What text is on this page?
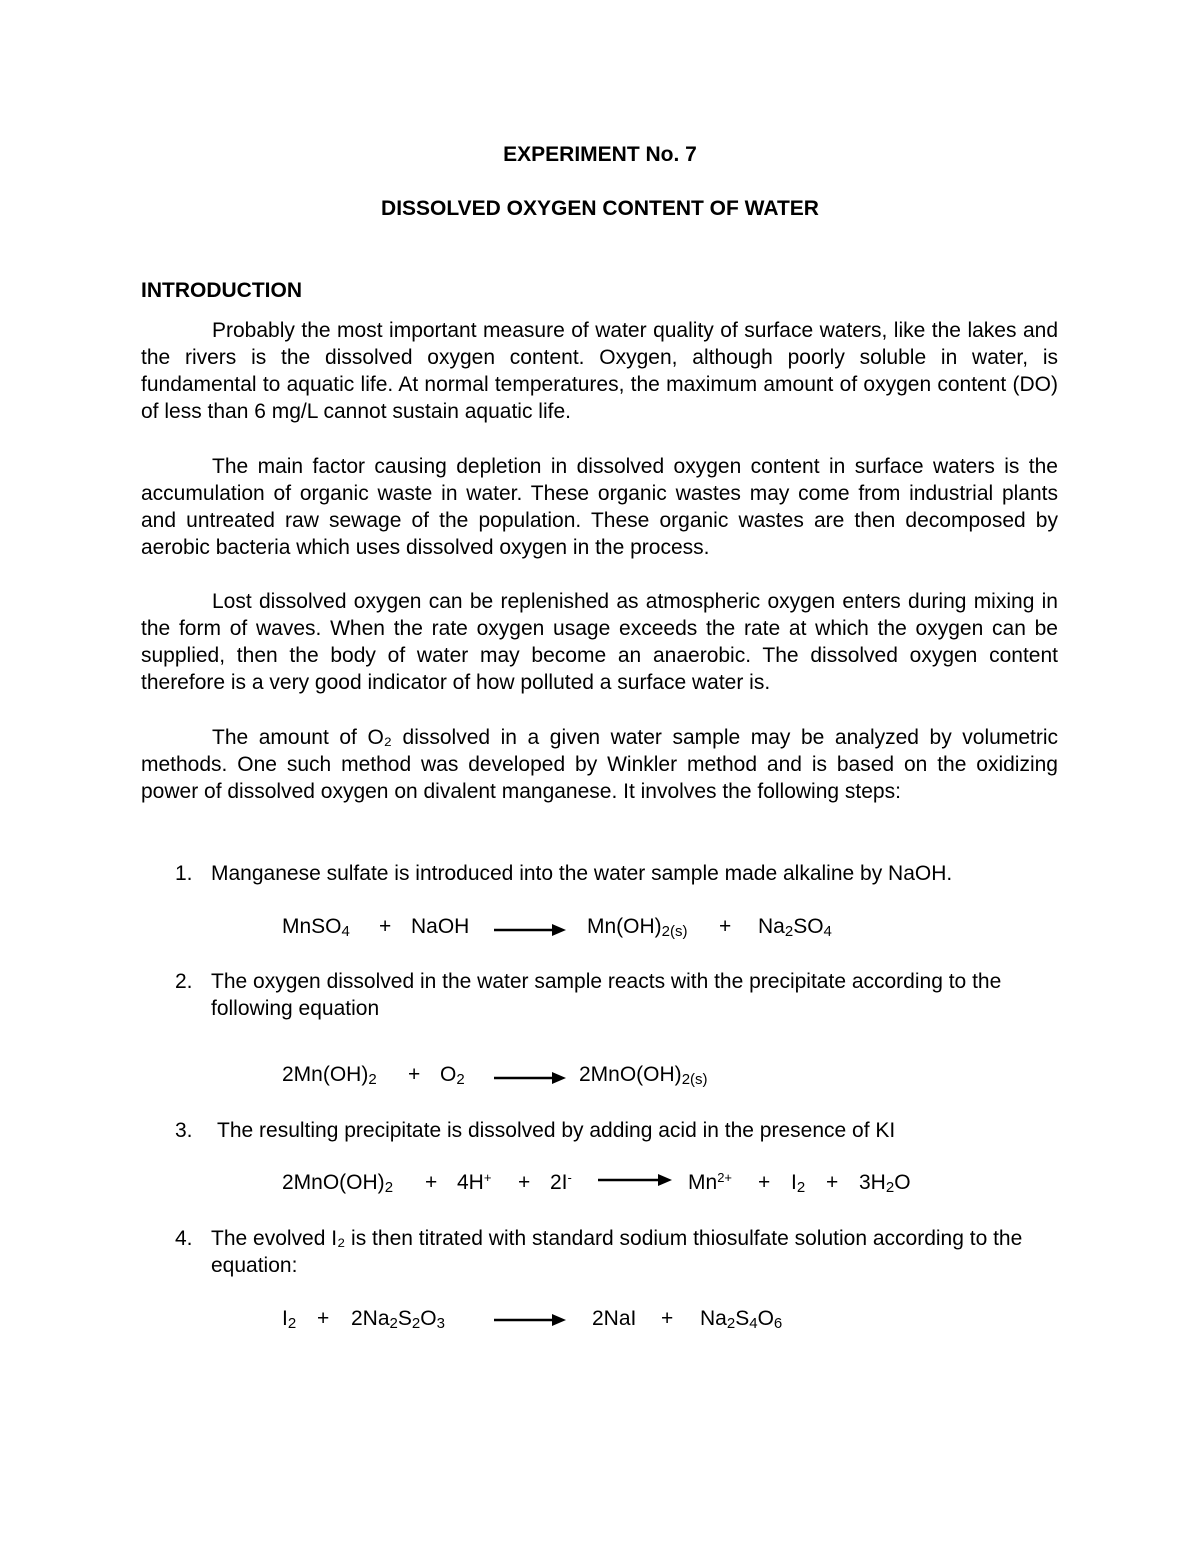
EXPERIMENT No. 7
DISSOLVED OXYGEN CONTENT OF WATER
INTRODUCTION

Probably the most important measure of water quality of surface waters, like the lakes and the rivers is the dissolved oxygen content. Oxygen, although poorly soluble in water, is fundamental to aquatic life. At normal temperatures, the maximum amount of oxygen content (DO) of less than 6 mg/L cannot sustain aquatic life.

The main factor causing depletion in dissolved oxygen content in surface waters is the accumulation of organic waste in water. These organic wastes may come from industrial plants and untreated raw sewage of the population. These organic wastes are then decomposed by aerobic bacteria which uses dissolved oxygen in the process.

Lost dissolved oxygen can be replenished as atmospheric oxygen enters during mixing in the form of waves. When the rate oxygen usage exceeds the rate at which the oxygen can be supplied, then the body of water may become an anaerobic. The dissolved oxygen content therefore is a very good indicator of how polluted a surface water is.

The amount of O₂ dissolved in a given water sample may be analyzed by volumetric methods. One such method was developed by Winkler method and is based on the oxidizing power of dissolved oxygen on divalent manganese. It involves the following steps:

1. Manganese sulfate is introduced into the water sample made alkaline by NaOH.
MnSO$_4$ + NaOH → $Mn(OH)_{2(s)} + Na_2SO_4$
2. The oxygen dissolved in the water sample reacts with the precipitate according to the following equation
$2Mn(OH)_2 + O_2 \to 2MnO(OH)_{2(s)}$
3. The resulting precipitate is dissolved by adding acid in the presence of KI
$2MnO(OH)_2 + 4H^+ + 2I^- \to Mn^{2+} + I_2 + 3H_2O$
4. The evolved I₂ is then titrated with standard sodium thiosulfate solution according to the equation:
$I_2 + 2Na_2S_2O_3 \to 2NaI + Na_2S_4O_6$
